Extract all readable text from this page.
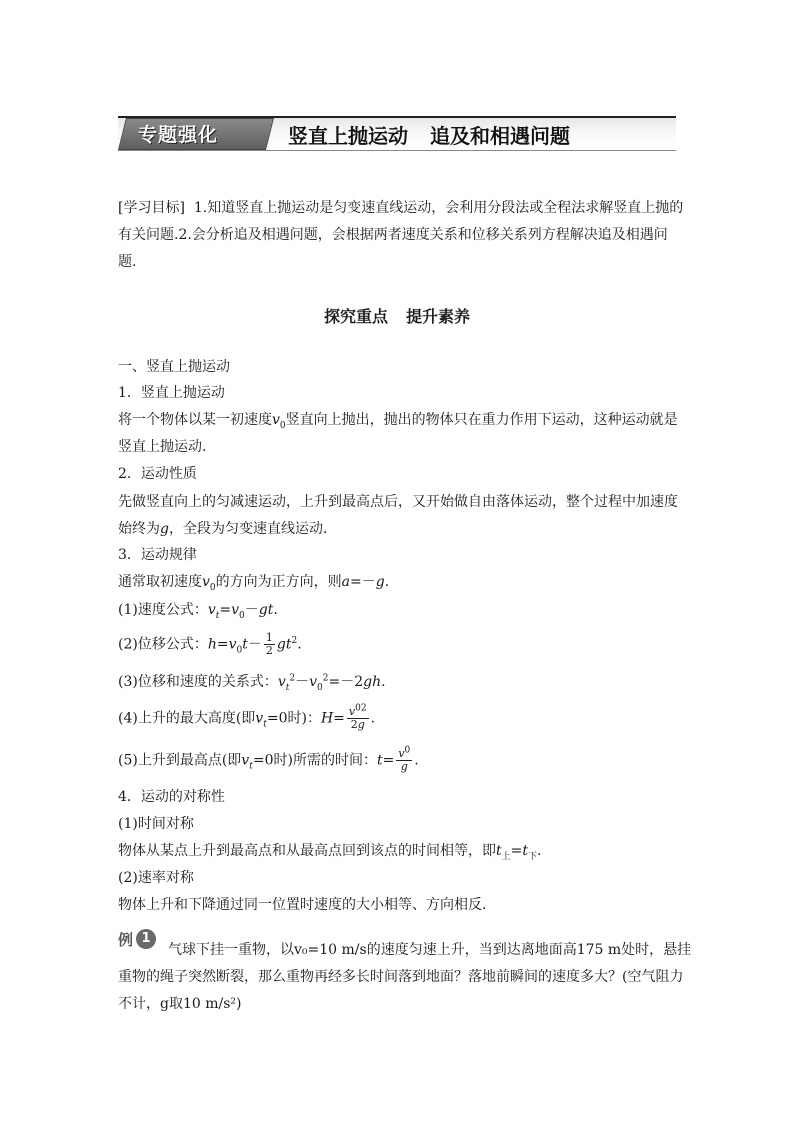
专题强化	竖直上抛运动 追及和相遇问题
[学习目标] 1.知道竖直上抛运动是匀变速直线运动，会利用分段法或全程法求解竖直上抛的
有关问题.2.会分析追及相遇问题，会根据两者速度关系和位移关系列方程解决追及相遇问
题.
探究重点 提升素养
一、竖直上抛运动
1．竖直上抛运动
将一个物体以某一初速度$v_0$竖直向上抛出，抛出的物体只在重力作用下运动，这种运动就是
竖直上抛运动.
2．运动性质
先做竖直向上的匀减速运动，上升到最高点后，又开始做自由落体运动，整个过程中加速度
始终为g，全段为匀变速直线运动.
3．运动规律
通常取初速度$v_0$的方向为正方向，则a=－g.
(1)速度公式：$v_t=v_0-gt$.
(2)位移公式：$h=v_0t- \frac{1}{2} gt^2$.
(3)位移和速度的关系式：$v_t^2-v_0^2=-2gh$.
(4)上升的最大高度(即$v_t=0$时)：$H= \frac{v^{02}}{2g}$ .
(5)上升到最高点(即$v_t=0$时)所需的时间：$t= \frac{v^0}{g}$ .
4．运动的对称性
(1)时间对称
物体从某点上升到最高点和从最高点回到该点的时间相等，即$t_上=t_下$.
(2)速率对称
物体上升和下降通过同一位置时速度的大小相等、方向相反.
例 1
气球下挂一重物，以v₀=10 m/s的速度匀速上升，当到达离地面高175 m处时，悬挂
重物的绳子突然断裂，那么重物再经多长时间落到地面？落地前瞬间的速度多大？(空气阻力
不计，g取10 m/s²)
